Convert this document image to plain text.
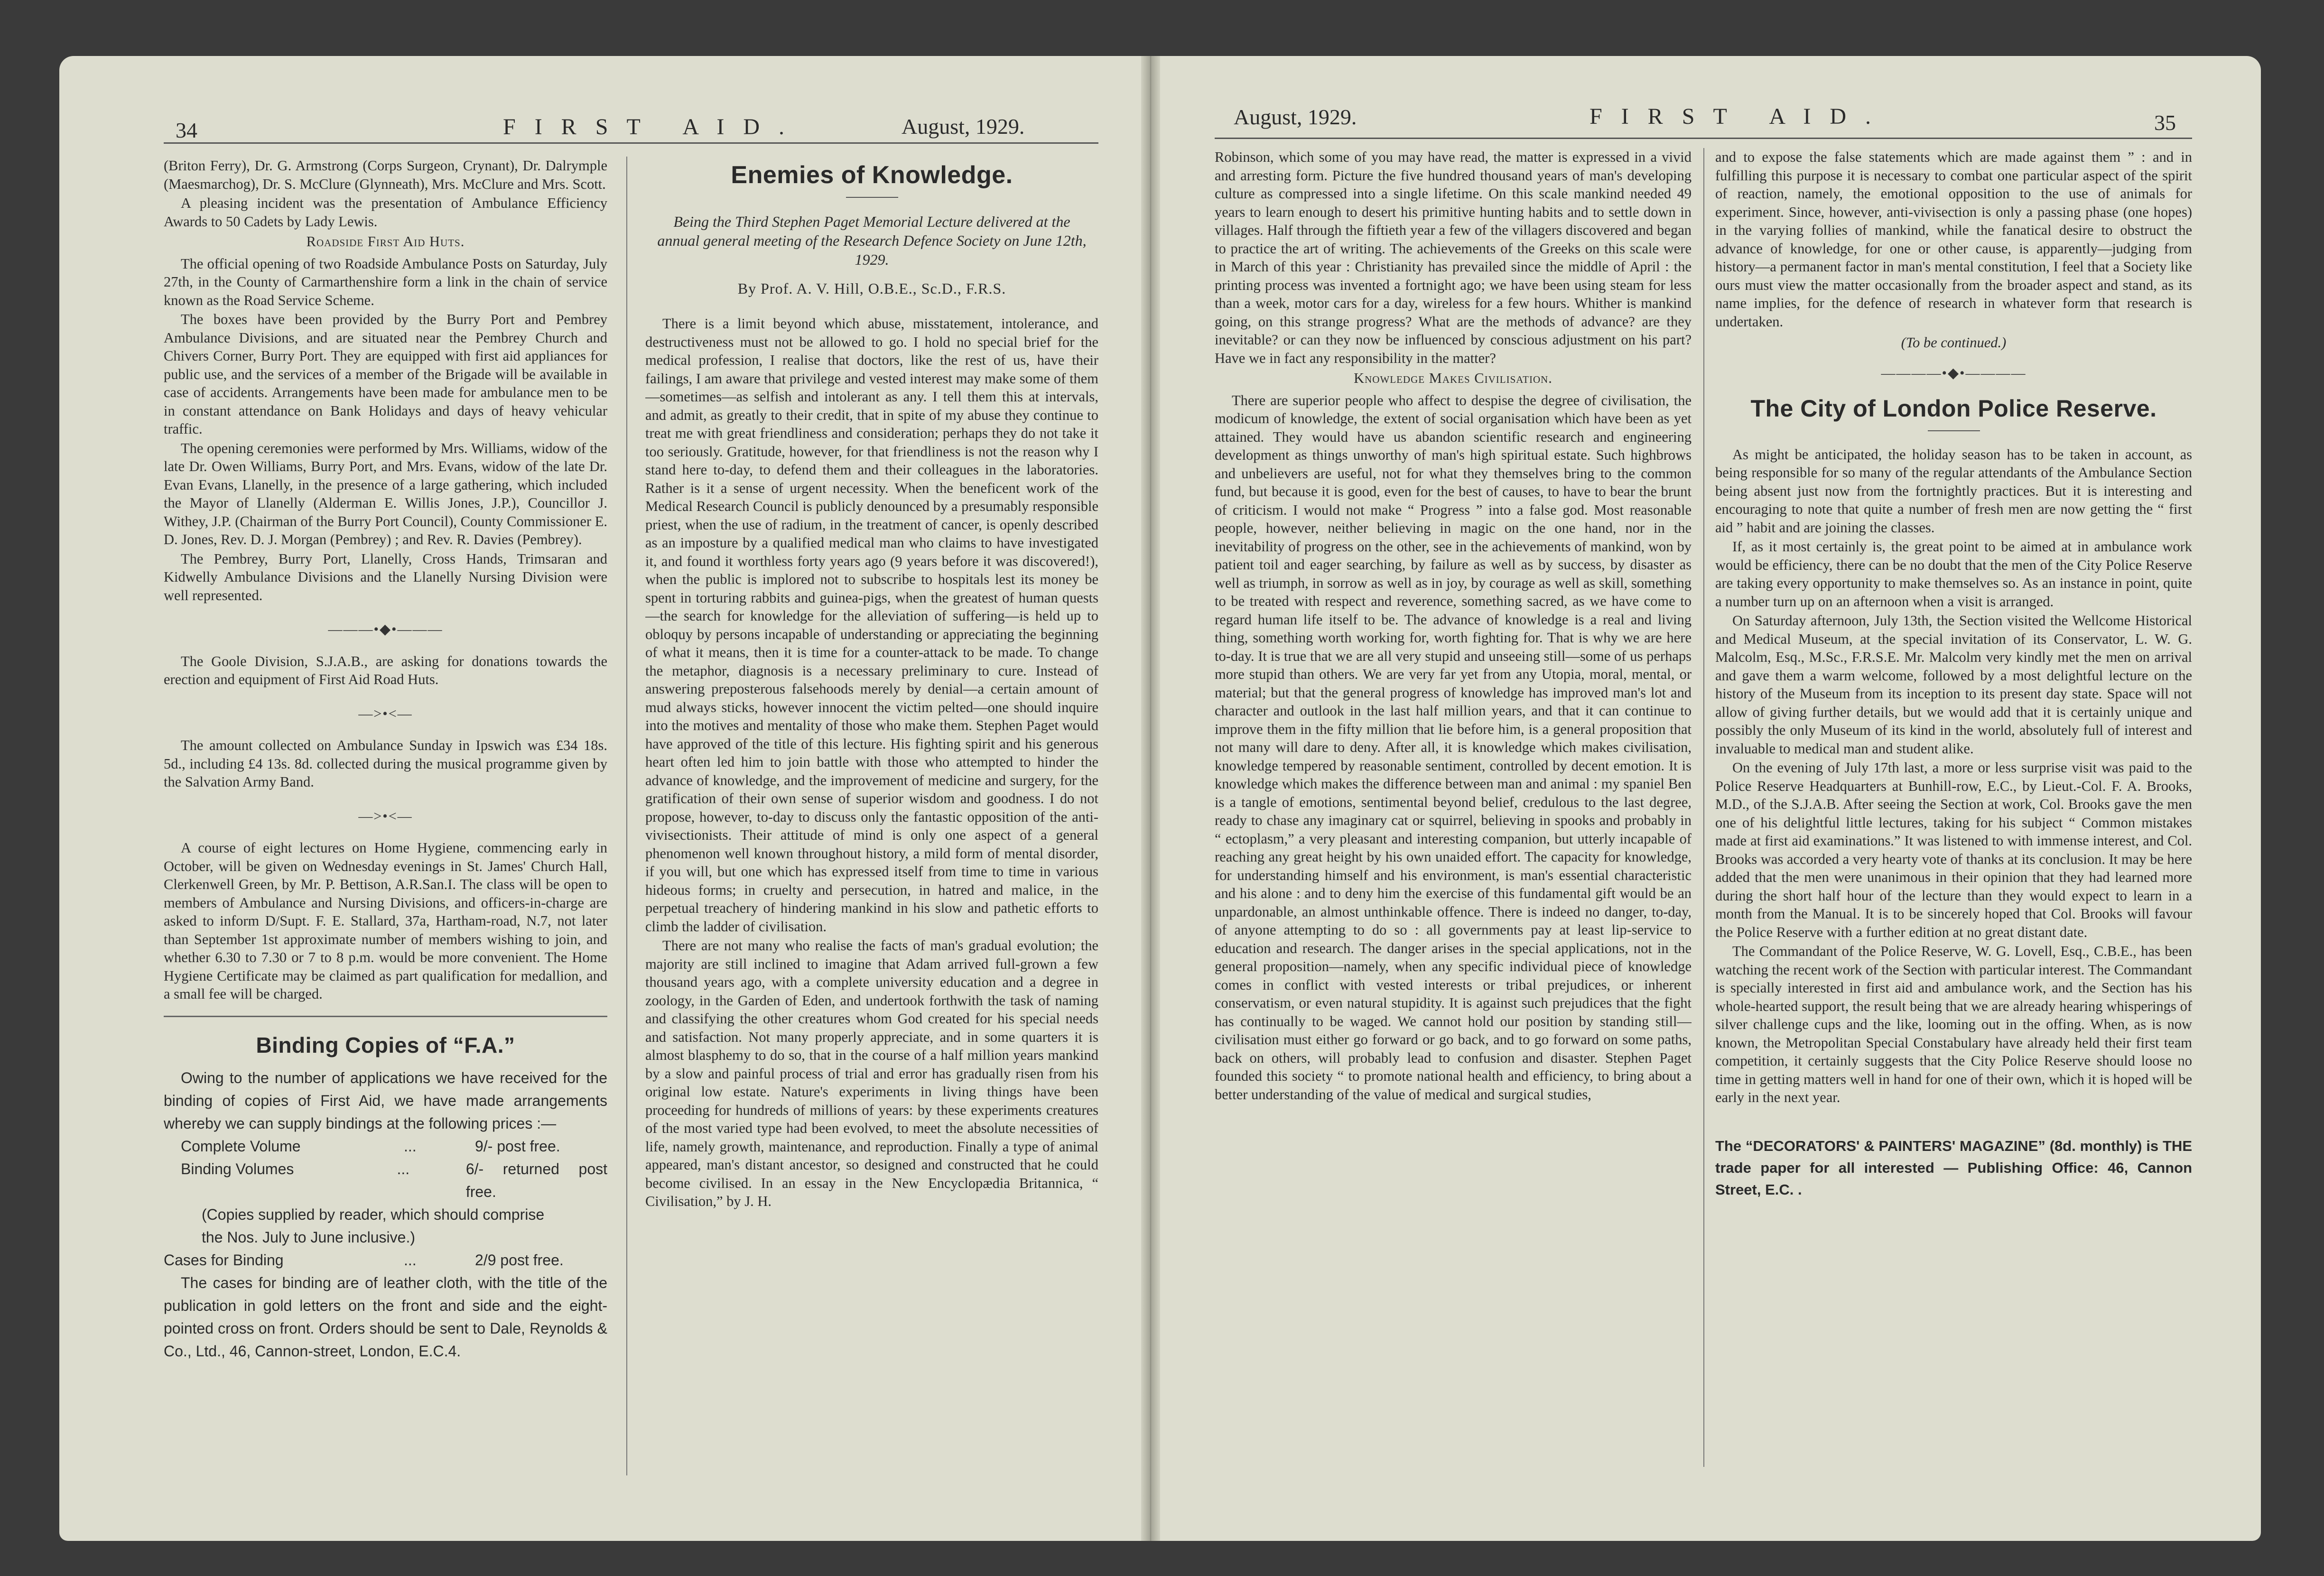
34	F I R S T   A I D .	August, 1929.	August, 1929.	F I R S T   A I D .	35

(Briton Ferry), Dr. G. Armstrong (Corps Surgeon, Crynant), Dr. Dalrymple (Maesmarchog), Dr. S. McClure (Glynneath), Mrs. McClure and Mrs. Scott.

A pleasing incident was the presentation of Ambulance Efficiency Awards to 50 Cadets by Lady Lewis.

Roadside First Aid Huts.

The official opening of two Roadside Ambulance Posts on Saturday, July 27th, in the County of Carmarthenshire form a link in the chain of service known as the Road Service Scheme.

The boxes have been provided by the Burry Port and Pembrey Ambulance Divisions, and are situated near the Pembrey Church and Chivers Corner, Burry Port. They are equipped with first aid appliances for public use, and the services of a member of the Brigade will be available in case of accidents. Arrangements have been made for ambulance men to be in constant attendance on Bank Holidays and days of heavy vehicular traffic.

The opening ceremonies were performed by Mrs. Williams, widow of the late Dr. Owen Williams, Burry Port, and Mrs. Evans, widow of the late Dr. Evan Evans, Llanelly, in the presence of a large gathering, which included the Mayor of Llanelly (Alderman E. Willis Jones, J.P.), Councillor J. Withey, J.P. (Chairman of the Burry Port Council), County Commissioner E. D. Jones, Rev. D. J. Morgan (Pembrey) ; and Rev. R. Davies (Pembrey).

The Pembrey, Burry Port, Llanelly, Cross Hands, Trimsaran and Kidwelly Ambulance Divisions and the Llanelly Nursing Division were well represented.

———•◆•———

The Goole Division, S.J.A.B., are asking for donations towards the erection and equipment of First Aid Road Huts.

—>•<—

The amount collected on Ambulance Sunday in Ipswich was £34 18s. 5d., including £4 13s. 8d. collected during the musical programme given by the Salvation Army Band.

—>•<—

A course of eight lectures on Home Hygiene, commencing early in October, will be given on Wednesday evenings in St. James' Church Hall, Clerkenwell Green, by Mr. P. Bettison, A.R.San.I. The class will be open to members of Ambulance and Nursing Divisions, and officers-in-charge are asked to inform D/Supt. F. E. Stallard, 37a, Hartham-road, N.7, not later than September 1st approximate number of members wishing to join, and whether 6.30 to 7.30 or 7 to 8 p.m. would be more convenient. The Home Hygiene Certificate may be claimed as part qualification for medallion, and a small fee will be charged.

Binding Copies of “F.A.”
Owing to the number of applications we have received for the binding of copies of First Aid, we have made arrangements whereby we can supply bindings at the following prices :—
Complete Volume	...	9/- post free.
Binding Volumes	...	6/- returned post free.
(Copies supplied by reader, which should comprise the Nos. July to June inclusive.)
Cases for Binding	...	2/9 post free.
The cases for binding are of leather cloth, with the title of the publication in gold letters on the front and side and the eight-pointed cross on front. Orders should be sent to Dale, Reynolds & Co., Ltd., 46, Cannon-street, London, E.C.4.
Enemies of Knowledge.
Being the Third Stephen Paget Memorial Lecture delivered at the annual general meeting of the Research Defence Society on June 12th, 1929.
By Prof. A. V. Hill, O.B.E., Sc.D., F.R.S.

There is a limit beyond which abuse, misstatement, intolerance, and destructiveness must not be allowed to go. I hold no special brief for the medical profession, I realise that doctors, like the rest of us, have their failings, I am aware that privilege and vested interest may make some of them—sometimes—as selfish and intolerant as any. I tell them this at intervals, and admit, as greatly to their credit, that in spite of my abuse they continue to treat me with great friendliness and consideration; perhaps they do not take it too seriously. Gratitude, however, for that friendliness is not the reason why I stand here to-day, to defend them and their colleagues in the laboratories. Rather is it a sense of urgent necessity. When the beneficent work of the Medical Research Council is publicly denounced by a presumably responsible priest, when the use of radium, in the treatment of cancer, is openly described as an imposture by a qualified medical man who claims to have investigated it, and found it worthless forty years ago (9 years before it was discovered!), when the public is implored not to subscribe to hospitals lest its money be spent in torturing rabbits and guinea-pigs, when the greatest of human quests—the search for knowledge for the alleviation of suffering—is held up to obloquy by persons incapable of understanding or appreciating the beginning of what it means, then it is time for a counter-attack to be made. To change the metaphor, diagnosis is a necessary preliminary to cure. Instead of answering preposterous falsehoods merely by denial—a certain amount of mud always sticks, however innocent the victim pelted—one should inquire into the motives and mentality of those who make them. Stephen Paget would have approved of the title of this lecture. His fighting spirit and his generous heart often led him to join battle with those who attempted to hinder the advance of knowledge, and the improvement of medicine and surgery, for the gratification of their own sense of superior wisdom and goodness. I do not propose, however, to-day to discuss only the fantastic opposition of the anti-vivisectionists. Their attitude of mind is only one aspect of a general phenomenon well known throughout history, a mild form of mental disorder, if you will, but one which has expressed itself from time to time in various hideous forms; in cruelty and persecution, in hatred and malice, in the perpetual treachery of hindering mankind in his slow and pathetic efforts to climb the ladder of civilisation.

There are not many who realise the facts of man's gradual evolution; the majority are still inclined to imagine that Adam arrived full-grown a few thousand years ago, with a complete university education and a degree in zoology, in the Garden of Eden, and undertook forthwith the task of naming and classifying the other creatures whom God created for his special needs and satisfaction. Not many properly appreciate, and in some quarters it is almost blasphemy to do so, that in the course of a half million years mankind by a slow and painful process of trial and error has gradually risen from his original low estate. Nature's experiments in living things have been proceeding for hundreds of millions of years: by these experiments creatures of the most varied type had been evolved, to meet the absolute necessities of life, namely growth, maintenance, and reproduction. Finally a type of animal appeared, man's distant ancestor, so designed and constructed that he could become civilised. In an essay in the New Encyclopædia Britannica, “ Civilisation,” by J. H.

Robinson, which some of you may have read, the matter is expressed in a vivid and arresting form. Picture the five hundred thousand years of man's developing culture as compressed into a single lifetime. On this scale mankind needed 49 years to learn enough to desert his primitive hunting habits and to settle down in villages. Half through the fiftieth year a few of the villagers discovered and began to practice the art of writing. The achievements of the Greeks on this scale were in March of this year : Christianity has prevailed since the middle of April : the printing process was invented a fortnight ago; we have been using steam for less than a week, motor cars for a day, wireless for a few hours. Whither is mankind going, on this strange progress? What are the methods of advance? are they inevitable? or can they now be influenced by conscious adjustment on his part? Have we in fact any responsibility in the matter?

Knowledge Makes Civilisation.

There are superior people who affect to despise the degree of civilisation, the modicum of knowledge, the extent of social organisation which have been as yet attained. They would have us abandon scientific research and engineering development as things unworthy of man's high spiritual estate. Such highbrows and unbelievers are useful, not for what they themselves bring to the common fund, but because it is good, even for the best of causes, to have to bear the brunt of criticism. I would not make “ Progress ” into a false god. Most reasonable people, however, neither believing in magic on the one hand, nor in the inevitability of progress on the other, see in the achievements of mankind, won by patient toil and eager searching, by failure as well as by success, by disaster as well as triumph, in sorrow as well as in joy, by courage as well as skill, something to be treated with respect and reverence, something sacred, as we have come to regard human life itself to be. The advance of knowledge is a real and living thing, something worth working for, worth fighting for. That is why we are here to-day. It is true that we are all very stupid and unseeing still—some of us perhaps more stupid than others. We are very far yet from any Utopia, moral, mental, or material; but that the general progress of knowledge has improved man's lot and character and outlook in the last half million years, and that it can continue to improve them in the fifty million that lie before him, is a general proposition that not many will dare to deny. After all, it is knowledge which makes civilisation, knowledge tempered by reasonable sentiment, controlled by decent emotion. It is knowledge which makes the difference between man and animal : my spaniel Ben is a tangle of emotions, sentimental beyond belief, credulous to the last degree, ready to chase any imaginary cat or squirrel, believing in spooks and probably in “ ectoplasm,” a very pleasant and interesting companion, but utterly incapable of reaching any great height by his own unaided effort. The capacity for knowledge, for understanding himself and his environment, is man's essential characteristic and his alone : and to deny him the exercise of this fundamental gift would be an unpardonable, an almost unthinkable offence. There is indeed no danger, to-day, of anyone attempting to do so : all governments pay at least lip-service to education and research. The danger arises in the special applications, not in the general proposition—namely, when any specific individual piece of knowledge comes in conflict with vested interests or tribal prejudices, or inherent conservatism, or even natural stupidity. It is against such prejudices that the fight has continually to be waged. We cannot hold our position by standing still—civilisation must either go forward or go back, and to go forward on some paths, back on others, will probably lead to confusion and disaster. Stephen Paget founded this society “ to promote national health and efficiency, to bring about a better understanding of the value of medical and surgical studies,

and to expose the false statements which are made against them ” : and in fulfilling this purpose it is necessary to combat one particular aspect of the spirit of reaction, namely, the emotional opposition to the use of animals for experiment. Since, however, anti-vivisection is only a passing phase (one hopes) in the varying follies of mankind, while the fanatical desire to obstruct the advance of knowledge, for one or other cause, is apparently—judging from history—a permanent factor in man's mental constitution, I feel that a Society like ours must view the matter occasionally from the broader aspect and stand, as its name implies, for the defence of research in whatever form that research is undertaken.

(To be continued.)
————•◆•————
The City of London Police Reserve.

As might be anticipated, the holiday season has to be taken in account, as being responsible for so many of the regular attendants of the Ambulance Section being absent just now from the fortnightly practices. But it is interesting and encouraging to note that quite a number of fresh men are now getting the “ first aid ” habit and are joining the classes.

If, as it most certainly is, the great point to be aimed at in ambulance work would be efficiency, there can be no doubt that the men of the City Police Reserve are taking every opportunity to make themselves so. As an instance in point, quite a number turn up on an afternoon when a visit is arranged.

On Saturday afternoon, July 13th, the Section visited the Wellcome Historical and Medical Museum, at the special invitation of its Conservator, L. W. G. Malcolm, Esq., M.Sc., F.R.S.E. Mr. Malcolm very kindly met the men on arrival and gave them a warm welcome, followed by a most delightful lecture on the history of the Museum from its inception to its present day state. Space will not allow of giving further details, but we would add that it is certainly unique and possibly the only Museum of its kind in the world, absolutely full of interest and invaluable to medical man and student alike.

On the evening of July 17th last, a more or less surprise visit was paid to the Police Reserve Headquarters at Bunhill-row, E.C., by Lieut.-Col. F. A. Brooks, M.D., of the S.J.A.B. After seeing the Section at work, Col. Brooks gave the men one of his delightful little lectures, taking for his subject “ Common mistakes made at first aid examinations.” It was listened to with immense interest, and Col. Brooks was accorded a very hearty vote of thanks at its conclusion. It may be here added that the men were unanimous in their opinion that they had learned more during the short half hour of the lecture than they would expect to learn in a month from the Manual. It is to be sincerely hoped that Col. Brooks will favour the Police Reserve with a further edition at no great distant date.

The Commandant of the Police Reserve, W. G. Lovell, Esq., C.B.E., has been watching the recent work of the Section with particular interest. The Commandant is specially interested in first aid and ambulance work, and the Section has his whole-hearted support, the result being that we are already hearing whisperings of silver challenge cups and the like, looming out in the offing. When, as is now known, the Metropolitan Special Constabulary have already held their first team competition, it certainly suggests that the City Police Reserve should loose no time in getting matters well in hand for one of their own, which it is hoped will be early in the next year.

The “DECORATORS' & PAINTERS' MAGAZINE” (8d. monthly) is THE trade paper for all interested — Publishing Office: 46, Cannon Street, E.C. .
